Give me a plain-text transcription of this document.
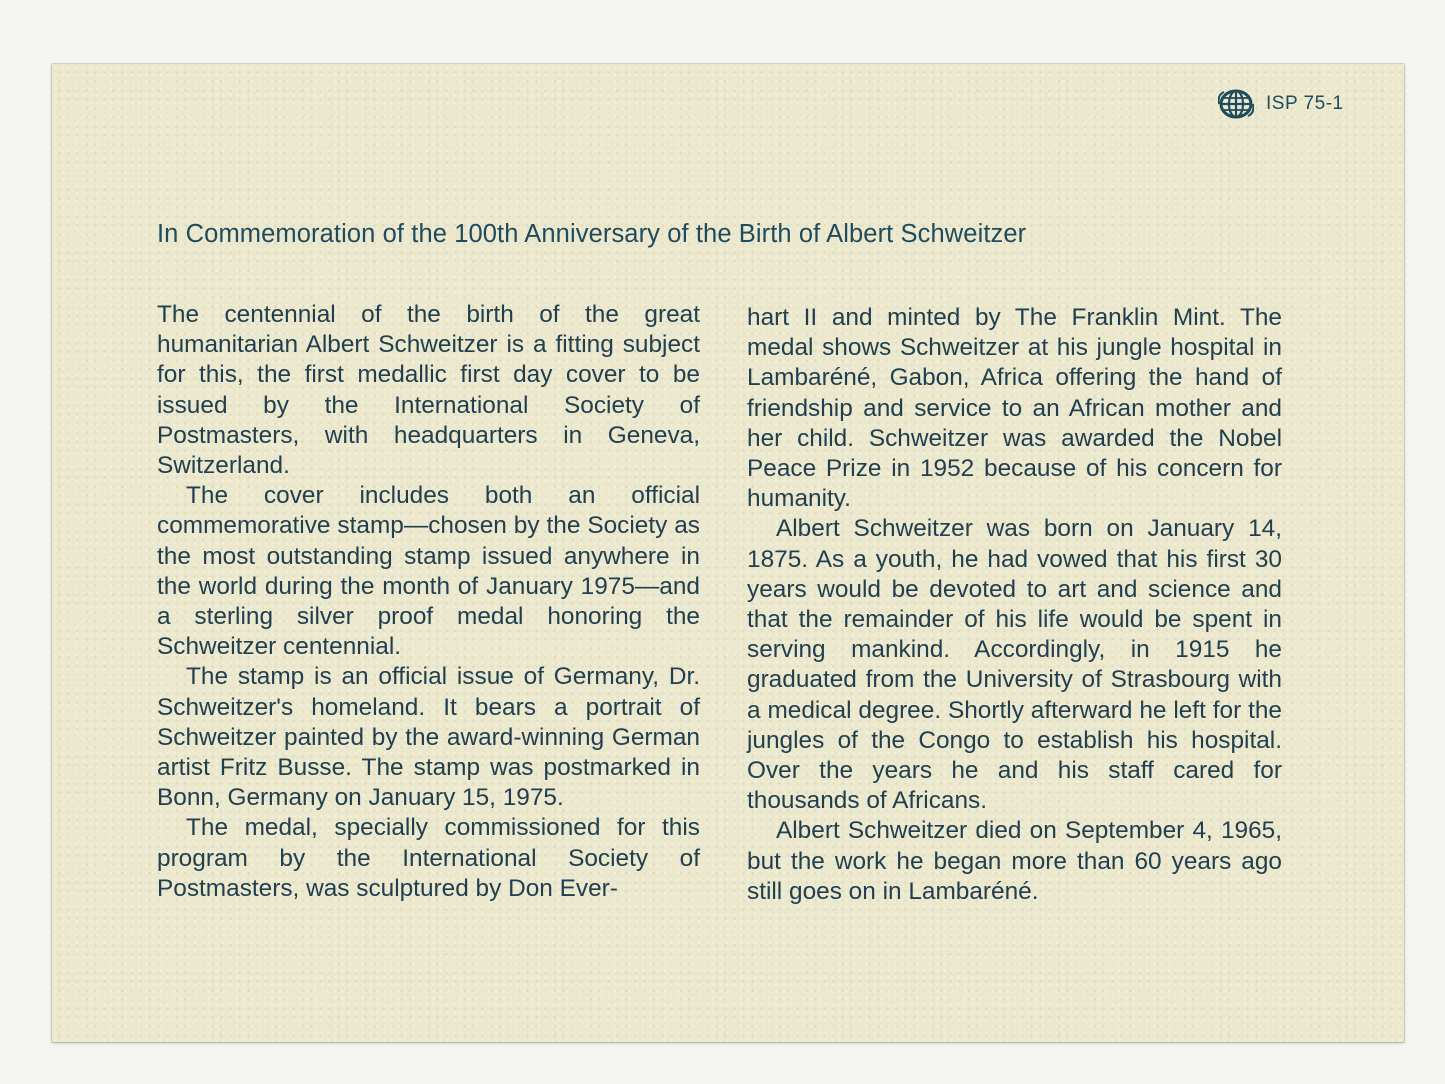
ISP 75-1
In Commemoration of the 100th Anniversary of the Birth of Albert Schweitzer

The centennial of the birth of the great humanitarian Albert Schweitzer is a fitting subject for this, the first medallic first day cover to be issued by the International Society of Postmasters, with headquarters in Geneva, Switzerland.

The cover includes both an official commemorative stamp—chosen by the Society as the most outstanding stamp issued anywhere in the world during the month of January 1975—and a sterling silver proof medal honoring the Schweitzer centennial.

The stamp is an official issue of Germany, Dr. Schweitzer's homeland. It bears a portrait of Schweitzer painted by the award-winning German artist Fritz Busse. The stamp was postmarked in Bonn, Germany on January 15, 1975.

The medal, specially commissioned for this program by the International Society of Postmasters, was sculptured by Don Ever-

hart II and minted by The Franklin Mint. The medal shows Schweitzer at his jungle hospital in Lambaréné, Gabon, Africa offering the hand of friendship and service to an African mother and her child. Schweitzer was awarded the Nobel Peace Prize in 1952 because of his concern for humanity.

Albert Schweitzer was born on January 14, 1875. As a youth, he had vowed that his first 30 years would be devoted to art and science and that the remainder of his life would be spent in serving mankind. Accordingly, in 1915 he graduated from the University of Strasbourg with a medical degree. Shortly afterward he left for the jungles of the Congo to establish his hospital. Over the years he and his staff cared for thousands of Africans.

Albert Schweitzer died on September 4, 1965, but the work he began more than 60 years ago still goes on in Lambaréné.
